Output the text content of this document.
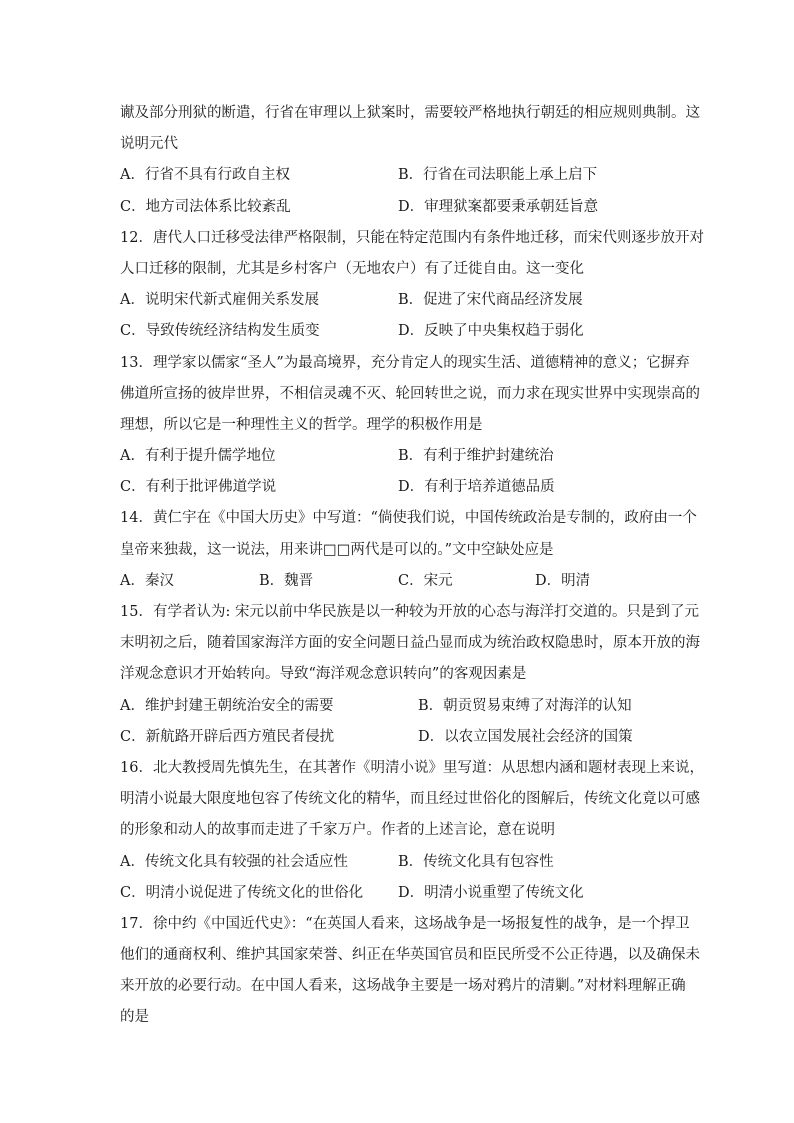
谳及部分刑狱的断遣，行省在审理以上狱案时，需要较严格地执行朝廷的相应规则典制。这
说明元代
A．行省不具有行政自主权	B．行省在司法职能上承上启下
C．地方司法体系比较紊乱	D．审理狱案都要秉承朝廷旨意
12．唐代人口迁移受法律严格限制，只能在特定范围内有条件地迁移，而宋代则逐步放开对
人口迁移的限制，尤其是乡村客户（无地农户）有了迁徙自由。这一变化
A．说明宋代新式雇佣关系发展	B．促进了宋代商品经济发展
C．导致传统经济结构发生质变	D．反映了中央集权趋于弱化
13．理学家以儒家“圣人”为最高境界，充分肯定人的现实生活、道德精神的意义；它摒弃
佛道所宣扬的彼岸世界，不相信灵魂不灭、轮回转世之说，而力求在现实世界中实现崇高的
理想，所以它是一种理性主义的哲学。理学的积极作用是
A．有利于提升儒学地位	B．有利于维护封建统治
C．有利于批评佛道学说	D．有利于培养道德品质
14．黄仁宇在《中国大历史》中写道：“倘使我们说，中国传统政治是专制的，政府由一个
皇帝来独裁，这一说法，用来讲□□两代是可以的。”文中空缺处应是
A．秦汉	B．魏晋	C．宋元	D．明清
15．有学者认为: 宋元以前中华民族是以一种较为开放的心态与海洋打交道的。只是到了元
末明初之后，随着国家海洋方面的安全问题日益凸显而成为统治政权隐患时，原本开放的海
洋观念意识才开始转向。导致“海洋观念意识转向”的客观因素是
A．维护封建王朝统治安全的需要	B．朝贡贸易束缚了对海洋的认知
C．新航路开辟后西方殖民者侵扰	D．以农立国发展社会经济的国策
16．北大教授周先慎先生，在其著作《明清小说》里写道：从思想内涵和题材表现上来说，
明清小说最大限度地包容了传统文化的精华，而且经过世俗化的图解后，传统文化竟以可感
的形象和动人的故事而走进了千家万户。作者的上述言论，意在说明
A．传统文化具有较强的社会适应性	B．传统文化具有包容性
C．明清小说促进了传统文化的世俗化 D．明清小说重塑了传统文化
17．徐中约《中国近代史》：“在英国人看来，这场战争是一场报复性的战争，是一个捍卫
他们的通商权利、维护其国家荣誉、纠正在华英国官员和臣民所受不公正待遇，以及确保未
来开放的必要行动。在中国人看来，这场战争主要是一场对鸦片的清剿。”对材料理解正确
的是
